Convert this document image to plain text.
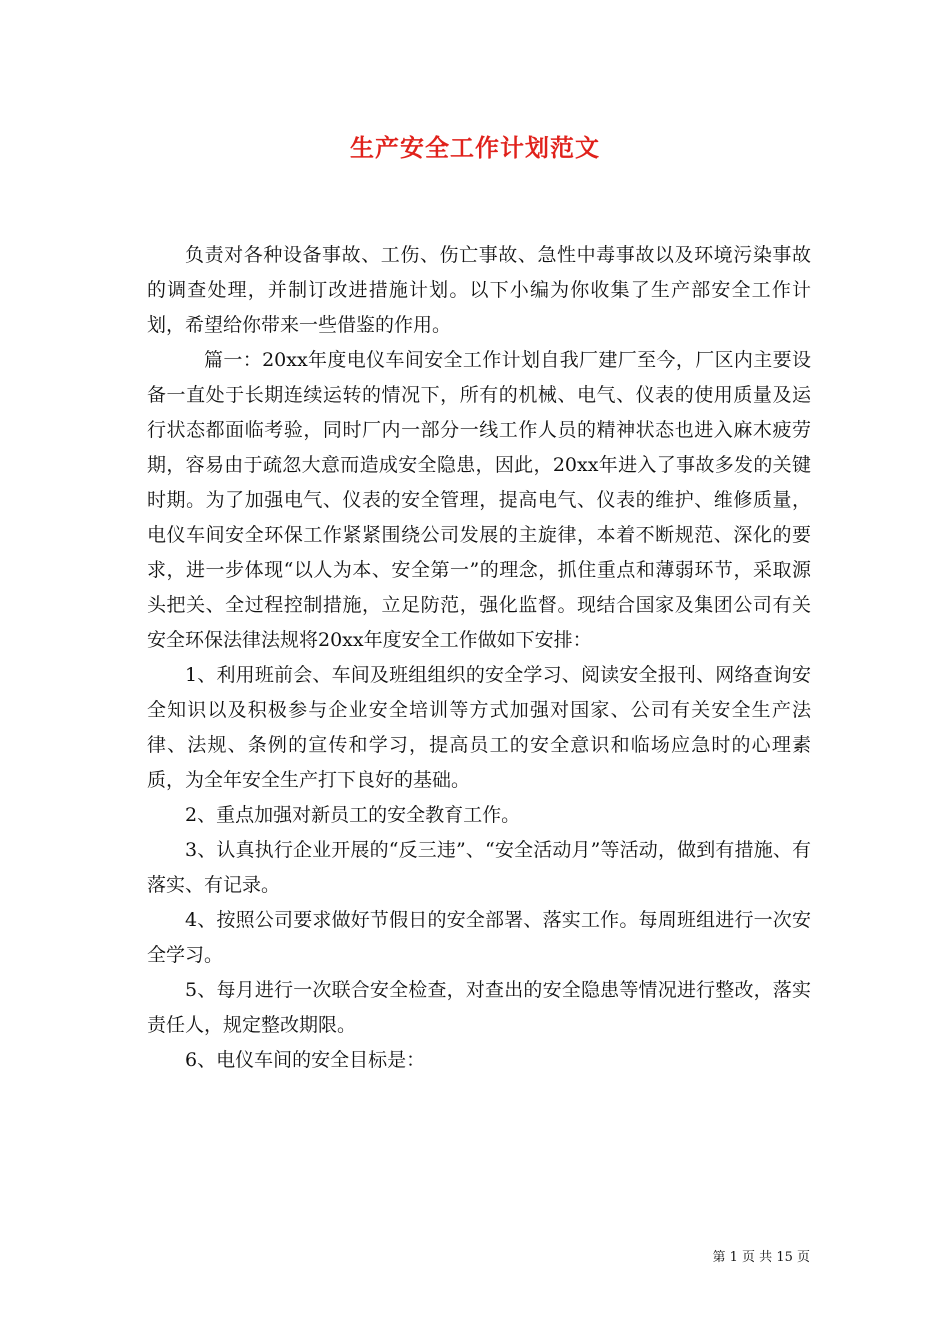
生产安全工作计划范文

负责对各种设备事故、工伤、伤亡事故、急性中毒事故以及环境污染事故的调查处理，并制订改进措施计划。以下小编为你收集了生产部安全工作计划，希望给你带来一些借鉴的作用。

篇一：20xx年度电仪车间安全工作计划自我厂建厂至今，厂区内主要设备一直处于长期连续运转的情况下，所有的机械、电气、仪表的使用质量及运行状态都面临考验，同时厂内一部分一线工作人员的精神状态也进入麻木疲劳期，容易由于疏忽大意而造成安全隐患，因此，20xx年进入了事故多发的关键时期。为了加强电气、仪表的安全管理，提高电气、仪表的维护、维修质量，电仪车间安全环保工作紧紧围绕公司发展的主旋律，本着不断规范、深化的要求，进一步体现“以人为本、安全第一”的理念，抓住重点和薄弱环节，采取源头把关、全过程控制措施，立足防范，强化监督。现结合国家及集团公司有关安全环保法律法规将20xx年度安全工作做如下安排：

1、利用班前会、车间及班组组织的安全学习、阅读安全报刊、网络查询安全知识以及积极参与企业安全培训等方式加强对国家、公司有关安全生产法律、法规、条例的宣传和学习，提高员工的安全意识和临场应急时的心理素质，为全年安全生产打下良好的基础。

2、重点加强对新员工的安全教育工作。

3、认真执行企业开展的“反三违”、“安全活动月”等活动，做到有措施、有落实、有记录。

4、按照公司要求做好节假日的安全部署、落实工作。每周班组进行一次安全学习。

5、每月进行一次联合安全检查，对查出的安全隐患等情况进行整改，落实责任人，规定整改期限。

6、电仪车间的安全目标是：

第 1 页 共 15 页
